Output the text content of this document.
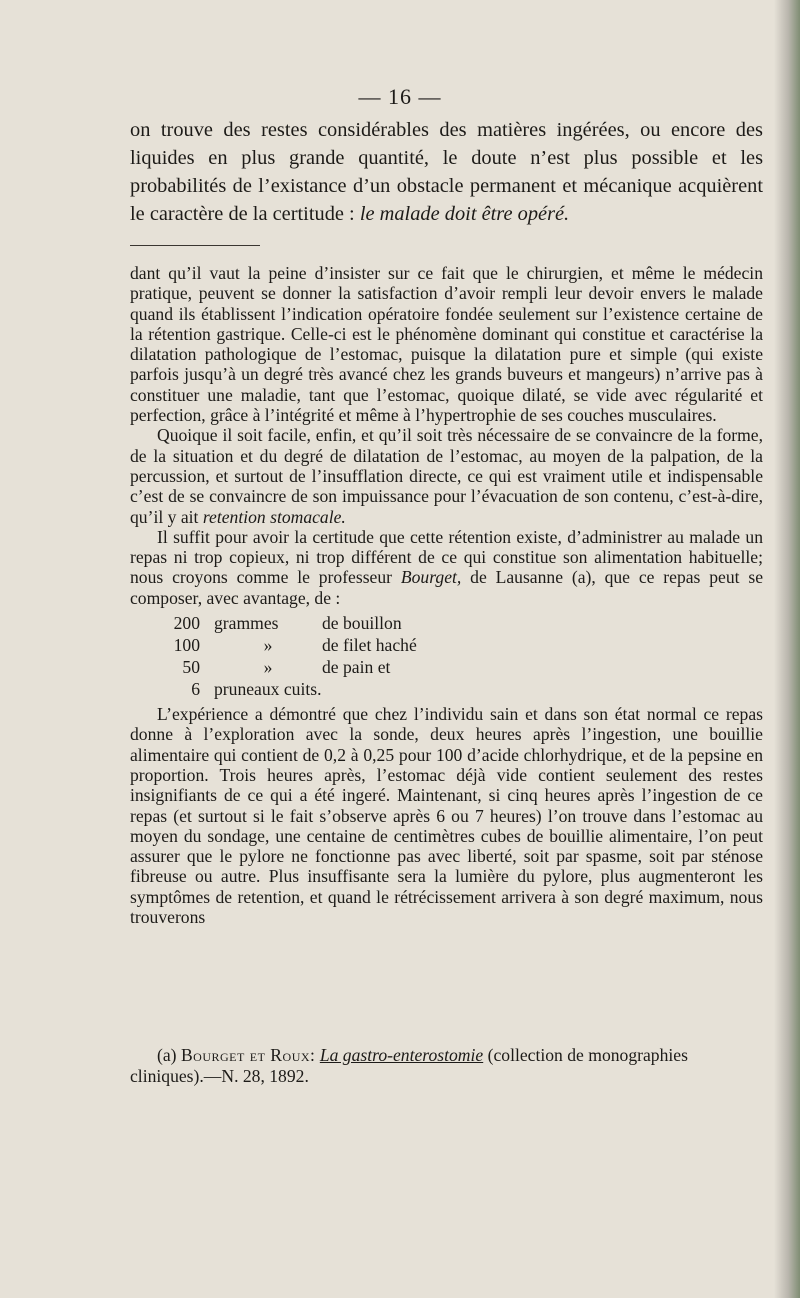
— 16 —
on trouve des restes considérables des matières ingérées, ou encore des liquides en plus grande quantité, le doute n’est plus possible et les probabilités de l’existance d’un obstacle permanent et mécanique acquièrent le caractère de la certitude : le malade doit être opéré.

dant qu’il vaut la peine d’insister sur ce fait que le chirurgien, et même le médecin pratique, peuvent se donner la satisfaction d’avoir rempli leur devoir envers le malade quand ils établissent l’indication opératoire fondée seulement sur l’existence certaine de la rétention gastrique. Celle-ci est le phénomène dominant qui constitue et caractérise la dilatation pathologique de l’estomac, puisque la dilatation pure et simple (qui existe parfois jusqu’à un degré très avancé chez les grands buveurs et mangeurs) n’arrive pas à constituer une maladie, tant que l’estomac, quoique dilaté, se vide avec régularité et perfection, grâce à l’intégrité et même à l’hypertrophie de ses couches musculaires.

Quoique il soit facile, enfin, et qu’il soit très nécessaire de se convaincre de la forme, de la situation et du degré de dilatation de l’estomac, au moyen de la palpation, de la percussion, et surtout de l’insufflation directe, ce qui est vraiment utile et indispensable c’est de se convaincre de son impuissance pour l’évacuation de son contenu, c’est-à-dire, qu’il y ait retention stomacale.

Il suffit pour avoir la certitude que cette rétention existe, d’administrer au malade un repas ni trop copieux, ni trop différent de ce qui constitue son alimentation habituelle; nous croyons comme le professeur Bourget, de Lausanne (a), que ce repas peut se composer, avec avantage, de :

200 grammes	de bouillon
100	»	de filet haché
50	»	de pain et
6 pruneaux cuits.

L’expérience a démontré que chez l’individu sain et dans son état normal ce repas donne à l’exploration avec la sonde, deux heures après l’ingestion, une bouillie alimentaire qui contient de 0,2 à 0,25 pour 100 d’acide chlorhydrique, et de la pepsine en proportion. Trois heures après, l’estomac déjà vide contient seulement des restes insignifiants de ce qui a été ingeré. Maintenant, si cinq heures après l’ingestion de ce repas (et surtout si le fait s’observe après 6 ou 7 heures) l’on trouve dans l’estomac au moyen du sondage, une centaine de centimètres cubes de bouillie alimentaire, l’on peut assurer que le pylore ne fonctionne pas avec liberté, soit par spasme, soit par sténose fibreuse ou autre. Plus insuffisante sera la lumière du pylore, plus augmenteront les symptômes de retention, et quand le rétrécissement arrivera à son degré maximum, nous trouverons

(a) Bourget et Roux: La gastro-enterostomie (collection de monographies cliniques).—N. 28, 1892.
